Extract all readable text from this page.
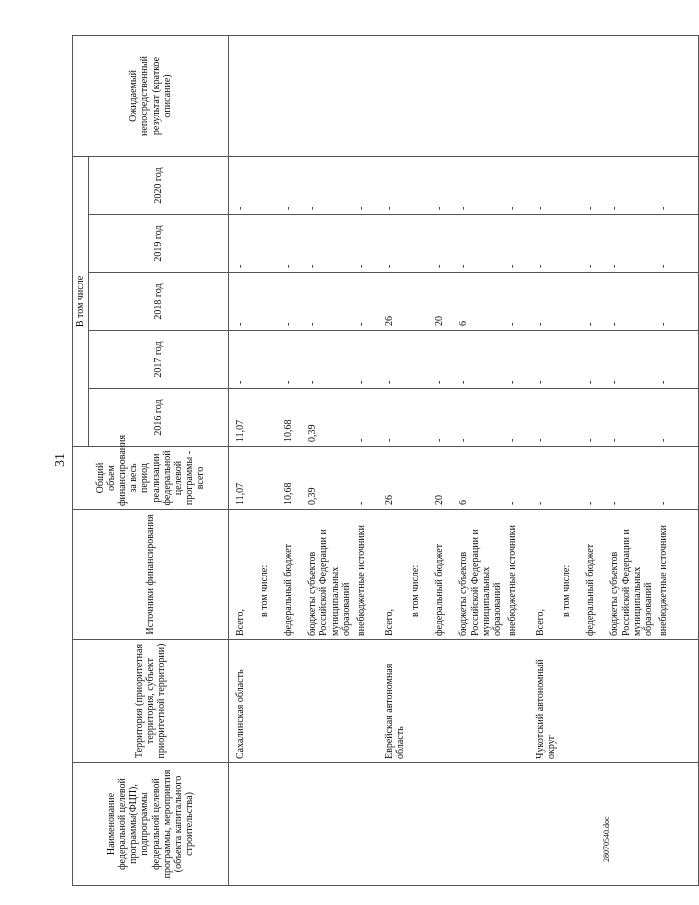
31
28070540.doc
Наименование федеральной целевой программы(ФЦП), подпрограммы федеральной целевой программы, мероприятия (объекта капитального строительства)	Территория (приоритетная территория, субъект приоритетной территории)	Источники финансирования	Общий объем финансирования за весь период реализации федеральной целевой программы - всего	В том числе					Ожидаемый непосредственный результат (краткое описание)
				2016 год	2017 год	2018 год	2019 год	2020 год	
	Сахалинская область	Всего,	11,07	11,07	-	-	-	-	
		в том числе:							
		федеральный бюджет	10,68	10,68	-	-	-	-	
		бюджеты субъектов Российской Федерации и муниципальных образований	0,39	0,39	-	-	-	-	
		внебюджетные источники	-	-	-	-	-	-	
	Еврейская автономная область	Всего,	26	-	-	26	-	-	
		в том числе:							
		федеральный бюджет	20	-	-	20	-	-	
		бюджеты субъектов Российской Федерации и муниципальных образований	6	-	-	6	-	-	
		внебюджетные источники	-	-	-	-	-	-	
	Чукотский автономный округ	Всего,	-	-	-	-	-	-	
		в том числе:							
		федеральный бюджет	-	-	-	-	-	-	
		бюджеты субъектов Российской Федерации и муниципальных образований	-	-	-	-	-	-	
		внебюджетные источники	-	-	-	-	-	-	
